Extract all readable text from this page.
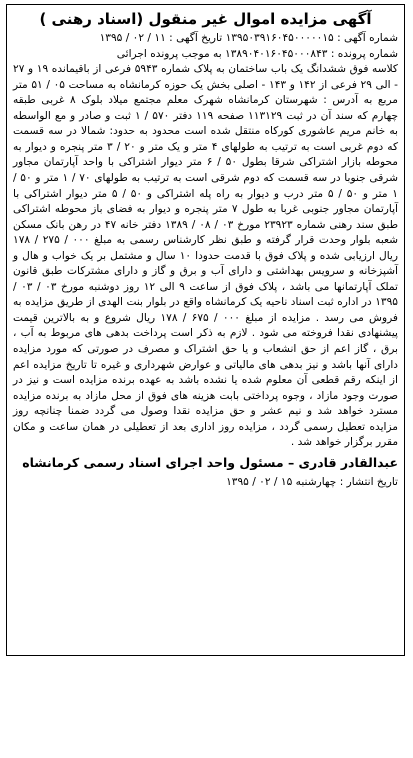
آگهی مزایده اموال غیر منقول (اسناد رهنی )
شماره آگهی : ۱۳۹۵۰۳۹۱۶۰۴۵۰۰۰۰۰۱۵ تاریخ آگهی : ۱۱ / ۰۲ / ۱۳۹۵
شماره پرونده : ۱۳۸۹۰۴۰۱۶۰۴۵۰۰۰۸۴۳ به موجب پرونده اجرائی

کلاسه فوق ششدانگ یک باب ساختمان به پلاک شماره ۵۹۴۳ فرعی از باقیمانده ۱۹ و ۲۷ - الی ۲۹ فرعی از ۱۴۲ و ۱۴۳ - اصلی بخش یک حوزه کرمانشاه به مساحت ۰۵ / ۵۱ متر مربع به آدرس : شهرستان کرمانشاه شهرک معلم مجتمع میلاد بلوک ۸ غربی طبقه چهارم که سند آن در ثبت ۱۱۳۱۲۹ صفحه ۱۱۹ دفتر ۵۷۰ / ۱ ثبت و صادر و مع الواسطه به خانم مریم عاشوری کورکاه منتقل شده است محدود به حدود: شمالا در سه قسمت که دوم غربی است به ترتیب به طولهای ۴ متر و یک متر و ۲۰ / ۳ متر پنجره و دیوار به محوطه بازار اشتراکی شرقا بطول ۵۰ / ۶ متر دیوار اشتراکی با واحد آپارتمان مجاور شرقی جنوبا در سه قسمت که دوم شرقی است به ترتیب به طولهای ۷۰ / ۱ متر و ۵۰ / ۱ متر و ۵۰ / ۵ متر درب و دیوار به راه پله اشتراکی و ۵۰ / ۵ متر دیوار اشتراکی با آپارتمان مجاور جنوبی غربا به طول ۷ متر پنجره و دیوار به فضای باز محوطه اشتراکی طبق سند رهنی شماره ۲۳۹۲۳ مورخ ۰۳ / ۰۸ / ۱۳۸۹ دفتر خانه ۴۷ در رهن بانک مسکن شعبه بلوار وحدت قرار گرفته و طبق نظر کارشناس رسمی به مبلغ ۰۰۰ / ۲۷۵ / ۱۷۸ ریال ارزیابی شده و پلاک فوق با قدمت حدودا ۱۰ سال و مشتمل بر یک خواب و هال و آشپزخانه و سرویس بهداشتی و دارای آب و برق و گاز و دارای مشترکات طبق قانون تملک آپارتمانها می باشد ، پلاک فوق از ساعت ۹ الی ۱۲ روز دوشنبه مورخ ۰۳ / ۰۳ / ۱۳۹۵ در اداره ثبت اسناد ناحیه یک کرمانشاه واقع در بلوار بنت الهدی از طریق مزایده به فروش می رسد . مزایده از مبلغ ۰۰۰ / ۶۷۵ / ۱۷۸ ریال شروع و به بالاترین قیمت پیشنهادی نقدا فروخته می شود . لازم به ذکر است پرداخت بدهی های مربوط به آب ، برق ، گاز اعم از حق انشعاب و یا حق اشتراک و مصرف در صورتی که مورد مزایده دارای آنها باشد و نیز بدهی های مالیاتی و عوارض شهرداری و غیره تا تاریخ مزایده اعم از اینکه رقم قطعی آن معلوم شده یا نشده باشد به عهده برنده مزایده است و نیز در صورت وجود مازاد ، وجوه پرداختی بابت هزینه های فوق از محل مازاد به برنده مزایده مسترد خواهد شد و نیم عشر و حق مزایده نقدا وصول می گردد ضمنا چنانچه روز مزایده تعطیل رسمی گردد ، مزایده روز اداری بعد از تعطیلی در همان ساعت و مکان مقرر برگزار خواهد شد .

عبدالقادر قادری – مسئول واحد اجرای اسناد رسمی کرمانشاه
تاریخ انتشار : چهارشنبه ۱۵ / ۰۲ / ۱۳۹۵
